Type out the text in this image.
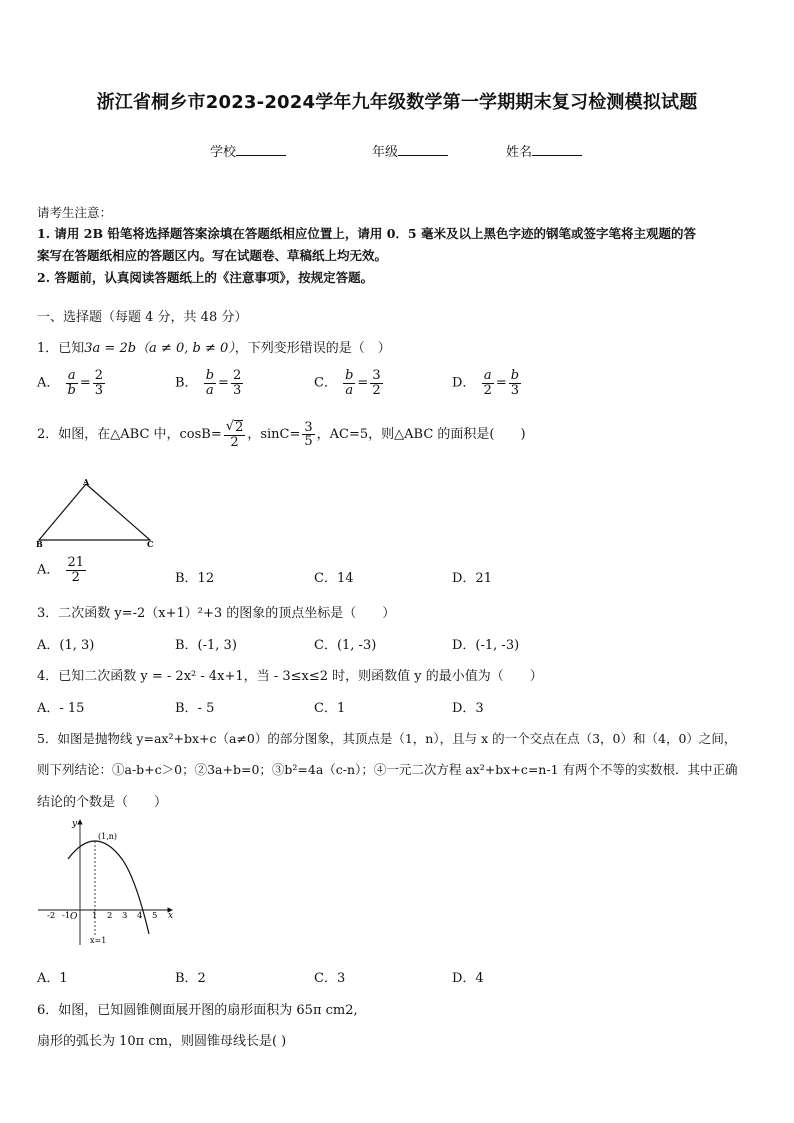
浙江省桐乡市2023-2024学年九年级数学第一学期期末复习检测模拟试题
学校	年级	姓名
请考生注意：
1. 请用 2B 铅笔将选择题答案涂填在答题纸相应位置上，请用 0．5 毫米及以上黑色字迹的钢笔或签字笔将主观题的答
案写在答题纸相应的答题区内。写在试题卷、草稿纸上均无效。
2. 答题前，认真阅读答题纸上的《注意事项》，按规定答题。
一、选择题（每题 4 分，共 48 分）
1．已知3a = 2b（a ≠ 0, b ≠ 0），下列变形错误的是（　）
A． $\frac{a}{b} = \frac{2}{3}$	B． $\frac{b}{a} = \frac{2}{3}$	C． $\frac{b}{a} = \frac{3}{2}$	D． $\frac{a}{2} = \frac{b}{3}$
2．如图，在△ABC 中，$\cos B= \frac{√ 2}{2}$ ，$\sin C= \frac{3}{5}$ ，AC=5，则△ABC 的面积是(　　)
A
B	C
A． $\frac{21}{2}$	B．12	C．14	D．21
3．二次函数 y=-2（x+1）²+3 的图象的顶点坐标是（　　）
A．(1, 3)	B．(-1, 3)	C．(1, -3)	D．(-1, -3)
4．已知二次函数 y = - 2x² - 4x+1，当 - 3≤x≤2 时，则函数值 y 的最小值为（　　）
A．- 15	B．- 5	C．1	D．3
5．如图是抛物线 y=ax²+bx+c（a≠0）的部分图象，其顶点是（1，n），且与 x 的一个交点在点（3，0）和（4，0）之间，
则下列结论：①a-b+c＞0；②3a+b=0；③b²=4a（c-n）；④一元二次方程 ax²+bx+c=n-1 有两个不等的实数根．其中正确
结论的个数是（　　）
y
x
(1,n)
x=1
O
-2 -1	1 2 3 4 5
A．1	B．2	C．3	D．4
6．如图，已知圆锥侧面展开图的扇形面积为 65π cm2,
扇形的弧长为 10π cm，则圆锥母线长是( )
